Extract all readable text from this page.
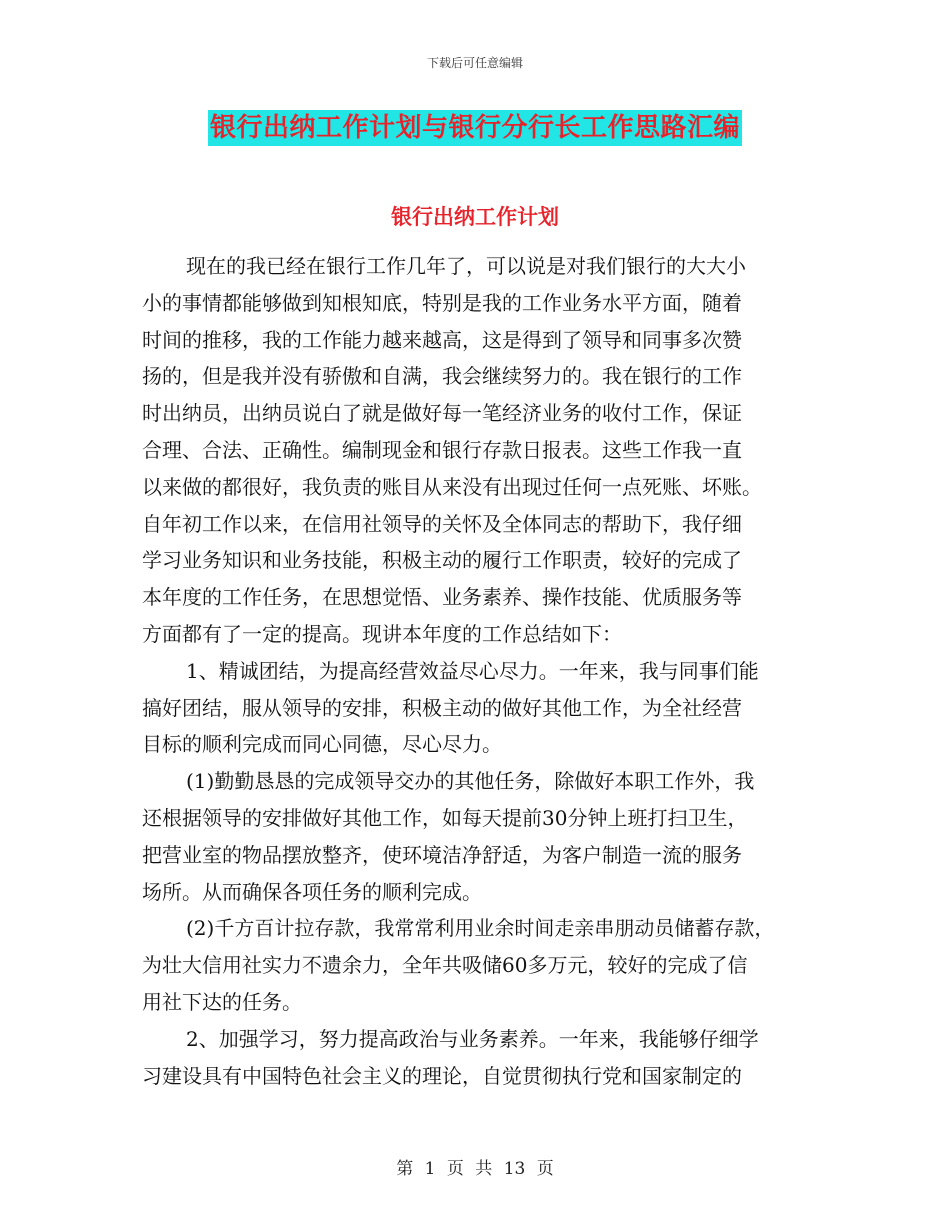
下载后可任意编辑
银行出纳工作计划与银行分行长工作思路汇编
银行出纳工作计划
现在的我已经在银行工作几年了，可以说是对我们银行的大大小
小的事情都能够做到知根知底，特别是我的工作业务水平方面，随着
时间的推移，我的工作能力越来越高，这是得到了领导和同事多次赞
扬的，但是我并没有骄傲和自满，我会继续努力的。我在银行的工作
时出纳员，出纳员说白了就是做好每一笔经济业务的收付工作，保证
合理、合法、正确性。编制现金和银行存款日报表。这些工作我一直
以来做的都很好，我负责的账目从来没有出现过任何一点死账、坏账。
自年初工作以来，在信用社领导的关怀及全体同志的帮助下，我仔细
学习业务知识和业务技能，积极主动的履行工作职责，较好的完成了
本年度的工作任务，在思想觉悟、业务素养、操作技能、优质服务等
方面都有了一定的提高。现讲本年度的工作总结如下：
1、精诚团结，为提高经营效益尽心尽力。一年来，我与同事们能
搞好团结，服从领导的安排，积极主动的做好其他工作，为全社经营
目标的顺利完成而同心同德，尽心尽力。
(1)勤勤恳恳的完成领导交办的其他任务，除做好本职工作外，我
还根据领导的安排做好其他工作，如每天提前30分钟上班打扫卫生，
把营业室的物品摆放整齐，使环境洁净舒适，为客户制造一流的服务
场所。从而确保各项任务的顺利完成。
(2)千方百计拉存款，我常常利用业余时间走亲串朋动员储蓄存款，
为壮大信用社实力不遗余力，全年共吸储60多万元，较好的完成了信
用社下达的任务。
2、加强学习，努力提高政治与业务素养。一年来，我能够仔细学
习建设具有中国特色社会主义的理论，自觉贯彻执行党和国家制定的
第 1 页 共 13 页
